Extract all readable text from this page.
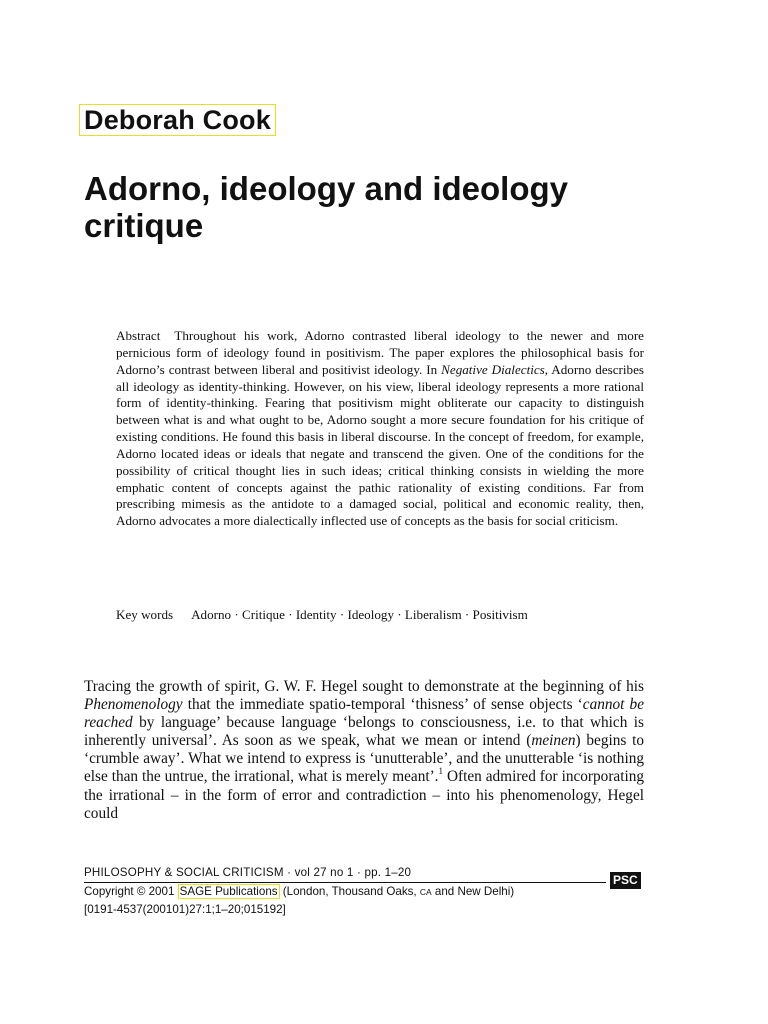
Deborah Cook
Adorno, ideology and ideology critique
Abstract Throughout his work, Adorno contrasted liberal ideology to the newer and more pernicious form of ideology found in positivism. The paper explores the philosophical basis for Adorno’s contrast between liberal and positivist ideology. In Negative Dialectics, Adorno describes all ideology as identity-thinking. However, on his view, liberal ideology represents a more rational form of identity-thinking. Fearing that positivism might obliterate our capacity to distinguish between what is and what ought to be, Adorno sought a more secure foundation for his critique of existing conditions. He found this basis in liberal discourse. In the concept of freedom, for example, Adorno located ideas or ideals that negate and transcend the given. One of the conditions for the possibility of critical thought lies in such ideas; critical thinking consists in wielding the more emphatic content of concepts against the pathic rationality of existing conditions. Far from prescribing mimesis as the antidote to a damaged social, political and economic reality, then, Adorno advocates a more dialectically inflected use of concepts as the basis for social criticism.
Key words Adorno · Critique · Identity · Ideology · Liberalism · Positivism

Tracing the growth of spirit, G. W. F. Hegel sought to demonstrate at the beginning of his Phenomenology that the immediate spatio-temporal ‘thisness’ of sense objects ‘cannot be reached by language’ because language ‘belongs to consciousness, i.e. to that which is inherently universal’. As soon as we speak, what we mean or intend (meinen) begins to ‘crumble away’. What we intend to express is ‘unutterable’, and the unutterable ‘is nothing else than the untrue, the irrational, what is merely meant’.$^1$ Often admired for incorporating the irrational – in the form of error and contradiction – into his phenomenology, Hegel could

PHILOSOPHY & SOCIAL CRITICISM · vol 27 no 1 · pp. 1–20
Copyright © 2001 SAGE Publications (London, Thousand Oaks, CA and New Delhi)
[0191-4537(200101)27:1;1–20;015192]
PSC
